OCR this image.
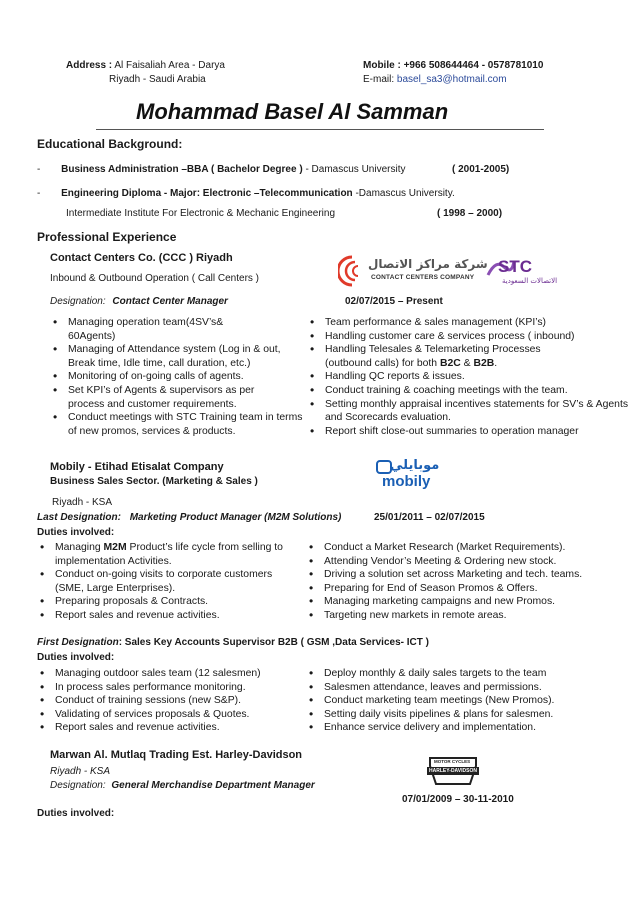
Address : Al Faisaliah Area - Darya
Riyadh - Saudi Arabia
Mobile : +966 508644464 - 0578781010
E-mail: basel_sa3@hotmail.com
Mohammad Basel Al Samman
Educational Background:
- Business Administration –BBA ( Bachelor Degree ) - Damascus University	( 2001-2005)
- Engineering Diploma - Major: Electronic –Telecommunication -Damascus University.
Intermediate Institute For Electronic & Mechanic Engineering	( 1998 – 2000)
Professional Experience
Contact Centers Co. (CCC ) Riyadh
Inbound & Outbound Operation ( Call Centers )
Designation: Contact Center Manager	02/07/2015 – Present
شركة مراكز الاتصال
CONTACT CENTERS COMPANY
STC
الاتصالات السعودية
• Managing operation team(4SV’s& 60Agents)
• Managing of Attendance system (Log in & out, Break time, Idle time, call duration, etc.)
• Monitoring of on-going calls of agents.
• Set KPI’s of Agents & supervisors as per process and customer requirements.
• Conduct meetings with STC Training team in terms of new promos, services & products.
• Team performance & sales management (KPI’s)
• Handling customer care & services process ( inbound)
• Handling Telesales & Telemarketing Processes (outbound calls) for both B2C & B2B.
• Handling QC reports & issues.
• Conduct training & coaching meetings with the team.
• Setting monthly appraisal incentives statements for SV’s & Agents and Scorecards evaluation.
• Report shift close-out summaries to operation manager
Mobily - Etihad Etisalat Company
Business Sales Sector. (Marketing & Sales )
موبايلي
mobily
Riyadh - KSA
Last Designation: Marketing Product Manager (M2M Solutions)	25/01/2011 – 02/07/2015
Duties involved:
• Managing M2M Product’s life cycle from selling to implementation Activities.
• Conduct on-going visits to corporate customers (SME, Large Enterprises).
• Preparing proposals & Contracts.
• Report sales and revenue activities.
• Conduct a Market Research (Market Requirements).
• Attending Vendor’s Meeting & Ordering new stock.
• Driving a solution set across Marketing and tech. teams.
• Preparing for End of Season Promos & Offers.
• Managing marketing campaigns and new Promos.
• Targeting new markets in remote areas.
First Designation: Sales Key Accounts Supervisor B2B ( GSM ,Data Services- ICT )
Duties involved:
• Managing outdoor sales team (12 salesmen)
• In process sales performance monitoring.
• Conduct of training sessions (new S&P).
• Validating of services proposals & Quotes.
• Report sales and revenue activities.
• Deploy monthly & daily sales targets to the team
• Salesmen attendance, leaves and permissions.
• Conduct marketing team meetings (New Promos).
• Setting daily visits pipelines & plans for salesmen.
• Enhance service delivery and implementation.
Marwan Al. Mutlaq Trading Est. Harley-Davidson
Riyadh - KSA
Designation: General Merchandise Department Manager
07/01/2009 – 30-11-2010
Duties involved:
MOTOR CYCLES
HARLEY-DAVIDSON
